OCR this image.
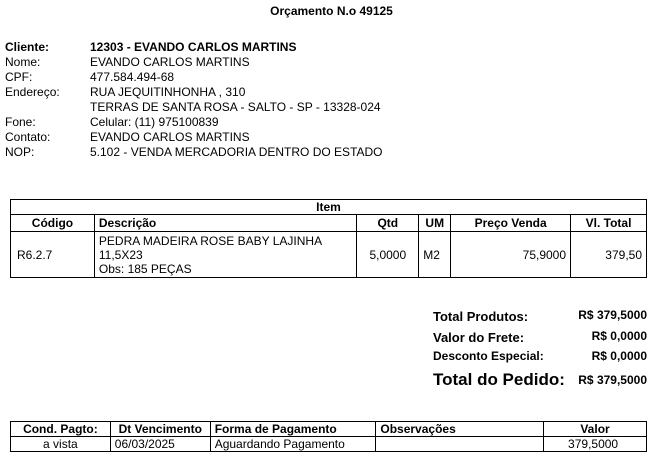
Orçamento N.o 49125
Cliente:	12303 - EVANDO CARLOS MARTINS
Nome:	EVANDO CARLOS MARTINS
CPF:	477.584.494-68
Endereço:	RUA JEQUITINHONHA , 310
TERRAS DE SANTA ROSA - SALTO - SP - 13328-024
Fone:	Celular: (11) 975100839
Contato:	EVANDO CARLOS MARTINS
NOP:	5.102 - VENDA MERCADORIA DENTRO DO ESTADO
Item					
Código	Descrição	Qtd	UM	Preço Venda	Vl. Total
R6.2.7	PEDRA MADEIRA ROSE BABY LAJINHA
11,5X23
Obs: 185 PEÇAS	5,0000	M2	75,9000	379,50
Total Produtos:	R$ 379,5000
Valor do Frete:	R$ 0,0000
Desconto Especial:	R$ 0,0000
Total do Pedido: R$ 379,5000
Cond. Pagto:	Dt Vencimento	Forma de Pagamento	Observações	Valor
a vista	06/03/2025	Aguardando Pagamento		379,5000
